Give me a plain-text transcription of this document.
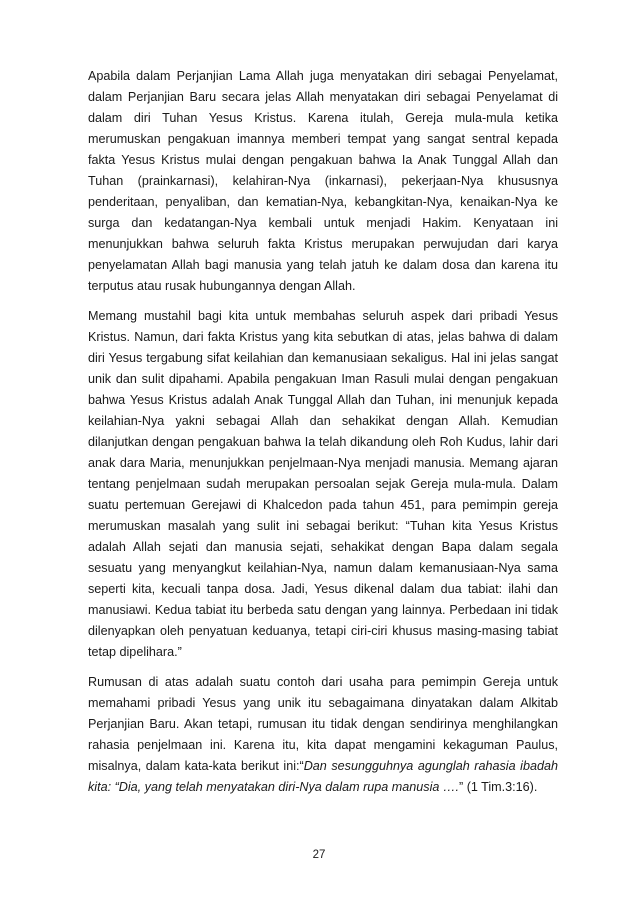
Apabila dalam Perjanjian Lama Allah juga menyatakan diri sebagai Penyelamat, dalam Perjanjian Baru secara jelas Allah menyatakan diri sebagai Penyelamat di dalam diri Tuhan Yesus Kristus. Karena itulah, Gereja mula-mula ketika merumuskan pengakuan imannya memberi tempat yang sangat sentral kepada fakta Yesus Kristus mulai dengan pengakuan bahwa Ia Anak Tunggal Allah dan Tuhan (prainkarnasi), kelahiran-Nya (inkarnasi), pekerjaan-Nya khususnya penderitaan, penyaliban, dan kematian-Nya, kebangkitan-Nya, kenaikan-Nya ke surga dan kedatangan-Nya kembali untuk menjadi Hakim. Kenyataan ini menunjukkan bahwa seluruh fakta Kristus merupakan perwujudan dari karya penyelamatan Allah bagi manusia yang telah jatuh ke dalam dosa dan karena itu terputus atau rusak hubungannya dengan Allah.

Memang mustahil bagi kita untuk membahas seluruh aspek dari pribadi Yesus Kristus. Namun, dari fakta Kristus yang kita sebutkan di atas, jelas bahwa di dalam diri Yesus tergabung sifat keilahian dan kemanusiaan sekaligus. Hal ini jelas sangat unik dan sulit dipahami. Apabila pengakuan Iman Rasuli mulai dengan pengakuan bahwa Yesus Kristus adalah Anak Tunggal Allah dan Tuhan, ini menunjuk kepada keilahian-Nya yakni sebagai Allah dan sehakikat dengan Allah. Kemudian dilanjutkan dengan pengakuan bahwa Ia telah dikandung oleh Roh Kudus, lahir dari anak dara Maria, menunjukkan penjelmaan-Nya menjadi manusia. Memang ajaran tentang penjelmaan sudah merupakan persoalan sejak Gereja mula-mula. Dalam suatu pertemuan Gerejawi di Khalcedon pada tahun 451, para pemimpin gereja merumuskan masalah yang sulit ini sebagai berikut: “Tuhan kita Yesus Kristus adalah Allah sejati dan manusia sejati, sehakikat dengan Bapa dalam segala sesuatu yang menyangkut keilahian-Nya, namun dalam kemanusiaan-Nya sama seperti kita, kecuali tanpa dosa. Jadi, Yesus dikenal dalam dua tabiat: ilahi dan manusiawi. Kedua tabiat itu berbeda satu dengan yang lainnya. Perbedaan ini tidak dilenyapkan oleh penyatuan keduanya, tetapi ciri-ciri khusus masing-masing tabiat tetap dipelihara.”

Rumusan di atas adalah suatu contoh dari usaha para pemimpin Gereja untuk memahami pribadi Yesus yang unik itu sebagaimana dinyatakan dalam Alkitab Perjanjian Baru. Akan tetapi, rumusan itu tidak dengan sendirinya menghilangkan rahasia penjelmaan ini. Karena itu, kita dapat mengamini kekaguman Paulus, misalnya, dalam kata-kata berikut ini:“Dan sesungguhnya agunglah rahasia ibadah kita: “Dia, yang telah menyatakan diri-Nya dalam rupa manusia ….” (1 Tim.3:16).

27
